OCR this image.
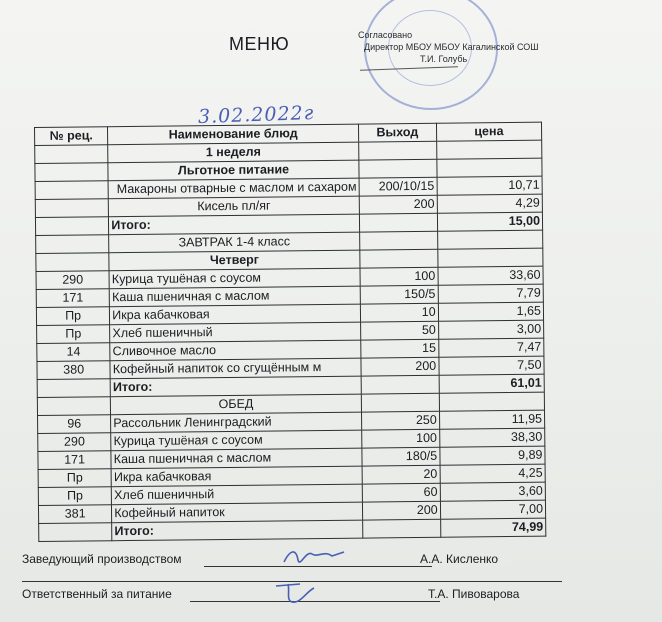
МЕНЮ	Согласовано
Директор МБОУ МБОУ Кагалинской СОШ
Т.И. Голубь
3.02.2022г
№ рец.	Наименование блюд	Выход	цена
	1 неделя		
	Льготное питание		
	Макароны отварные с маслом и сахаром	200/10/15	10,71
	Кисель пл/яг	200	4,29
	Итого:		15,00
	ЗАВТРАК 1-4 класс		
	Четверг		
290	Курица тушёная с соусом	100	33,60
171	Каша пшеничная с маслом	150/5	7,79
Пр	Икра кабачковая	10	1,65
Пр	Хлеб пшеничный	50	3,00
14	Сливочное масло	15	7,47
380	Кофейный напиток со сгущённым м	200	7,50
	Итого:		61,01
	ОБЕД		
96	Рассольник Ленинградский	250	11,95
290	Курица тушёная с соусом	100	38,30
171	Каша пшеничная с маслом	180/5	9,89
Пр	Икра кабачковая	20	4,25
Пр	Хлеб пшеничный	60	3,60
381	Кофейный напиток	200	7,00
	Итого:		74,99
Заведующий производством	А.А. Кисленко
Ответственный за питание	Т.А. Пивоварова
